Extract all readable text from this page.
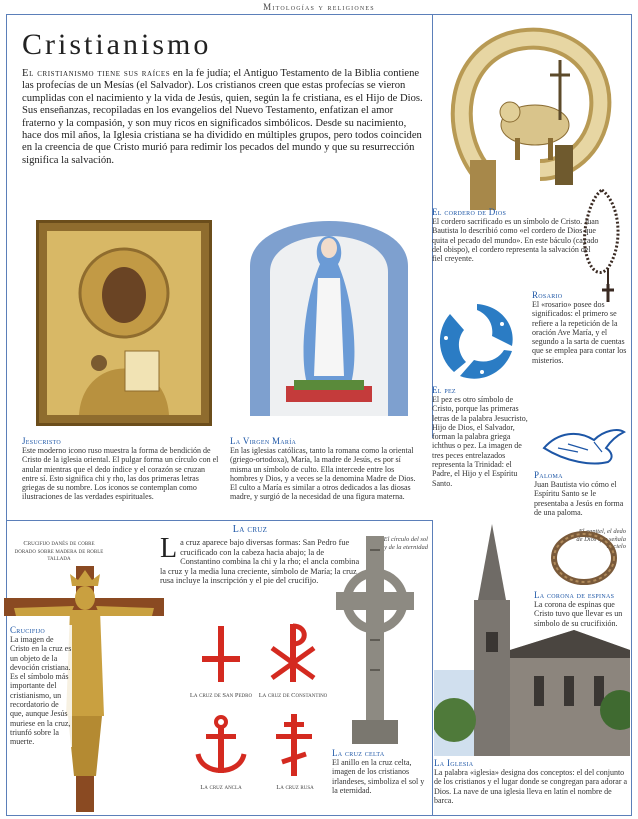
Mitologías y religiones
Cristianismo

El cristianismo tiene sus raíces en la fe judía; el Antiguo Testamento de la Biblia contiene las profecías de un Mesías (el Salvador). Los cristianos creen que estas profecías se vieron cumplidas con el nacimiento y la vida de Jesús, quien, según la fe cristiana, es el Hijo de Dios. Sus enseñanzas, recopiladas en los evangelios del Nuevo Testamento, enfatizan el amor fraterno y la compasión, y son muy ricos en significados simbólicos. Desde su nacimiento, hace dos mil años, la Iglesia cristiana se ha dividido en múltiples grupos, pero todos coinciden en la creencia de que Cristo murió para redimir los pecados del mundo y que su resurrección significa la salvación.

El cordero de Dios

El cordero sacrificado es un símbolo de Cristo. Juan Bautista lo describió como «el cordero de Dios que quita el pecado del mundo». En este báculo (cayado del obispo), el cordero representa la salvación del fiel creyente.

Rosario

El «rosario» posee dos significados: el primero se refiere a la repetición de la oración Ave María, y el segundo a la sarta de cuentas que se emplea para contar los misterios.

El pez

El pez es otro símbolo de Cristo, porque las primeras letras de la palabra Jesucristo, Hijo de Dios, el Salvador, forman la palabra griega ichthus o pez. La imagen de tres peces entrelazados representa la Trinidad: el Padre, el Hijo y el Espíritu Santo.

Paloma

Juan Bautista vio cómo el Espíritu Santo se le presentaba a Jesús en forma de una paloma.

Jesucristo

Este moderno icono ruso muestra la forma de bendición de Cristo de la iglesia oriental. El pulgar forma un círculo con el anular mientras que el dedo índice y el corazón se cruzan entre sí. Esto significa chi y rho, las dos primeras letras griegas de su nombre. Los iconos se contemplan como ilustraciones de las verdades espirituales.

La Virgen María

En las iglesias católicas, tanto la romana como la oriental (griego-ortodoxa), María, la madre de Jesús, es por sí misma un símbolo de culto. Ella intercede entre los hombres y Dios, y a veces se la denomina Madre de Dios. El culto a María es similar a otros dedicados a las diosas madre, y surgió de la necesidad de una figura materna.

La cruz
Crucifijo danés de cobre dorado sobre madera de roble tallada	La cruz aparece bajo diversas formas: San Pedro fue crucificado con la cabeza hacia abajo; la de Constantino combina la chi y la rho; el ancla combina la cruz y la media luna creciente, símbolo de María; la cruz rusa incluye la inscripción y el pie del crucifijo.
Crucifijo

La imagen de Cristo en la cruz es un objeto de la devoción cristiana. Es el símbolo más importante del cristianismo, un recordatorio de que, aunque Jesús muriese en la cruz, triunfó sobre la muerte.

La cruz de San Pedro	La cruz de Constantino
La cruz ancla	La cruz rusa
El círculo del sol y de la eternidad
La cruz celta

El anillo en la cruz celta, imagen de los cristianos irlandeses, simboliza el sol y la eternidad.

El capitel, el dedo de Dios que señala al cielo
La corona de espinas

La corona de espinas que Cristo tuvo que llevar es un símbolo de su crucifixión.

La Iglesia

La palabra «iglesia» designa dos conceptos: el del conjunto de los cristianos y el lugar donde se congregan para adorar a Dios. La nave de una iglesia lleva en latín el nombre de barca.
